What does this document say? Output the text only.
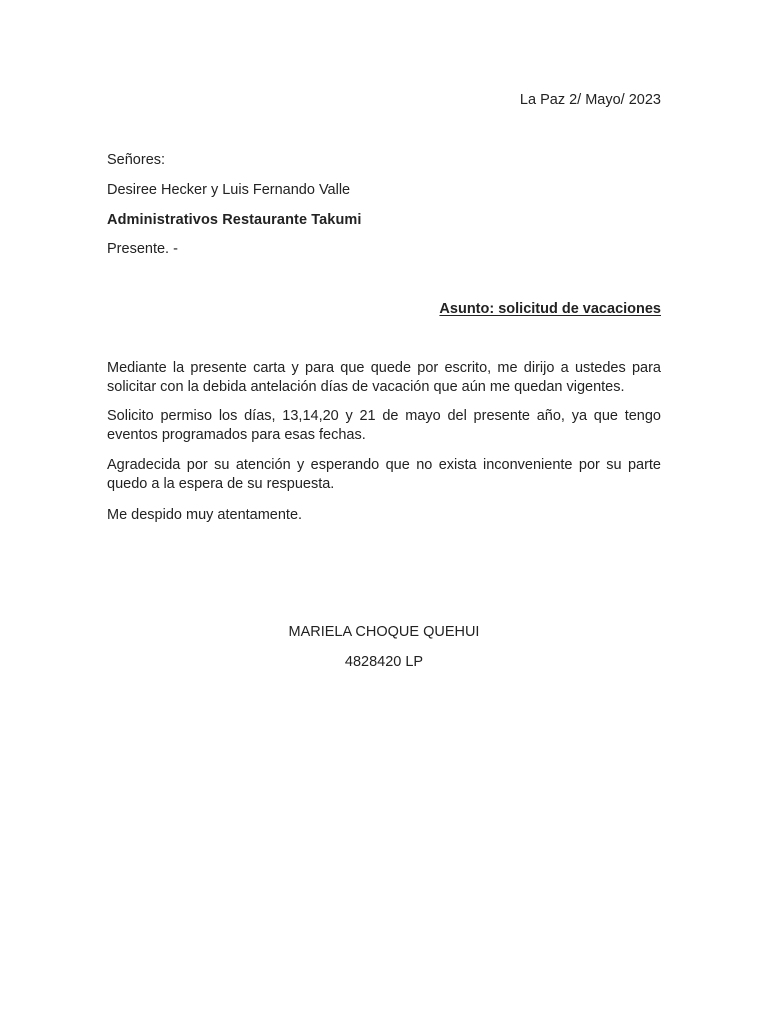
La Paz 2/ Mayo/ 2023
Señores:
Desiree Hecker y Luis Fernando Valle
Administrativos Restaurante Takumi
Presente. -
Asunto: solicitud de vacaciones
Mediante la presente carta y para que quede por escrito, me dirijo a ustedes para solicitar con la debida antelación días de vacación que aún me quedan vigentes.
Solicito permiso los días, 13,14,20 y 21 de mayo del presente año, ya que tengo eventos programados para esas fechas.
Agradecida por su atención y esperando que no exista inconveniente por su parte quedo a la espera de su respuesta.
Me despido muy atentamente.
MARIELA CHOQUE QUEHUI
4828420 LP
